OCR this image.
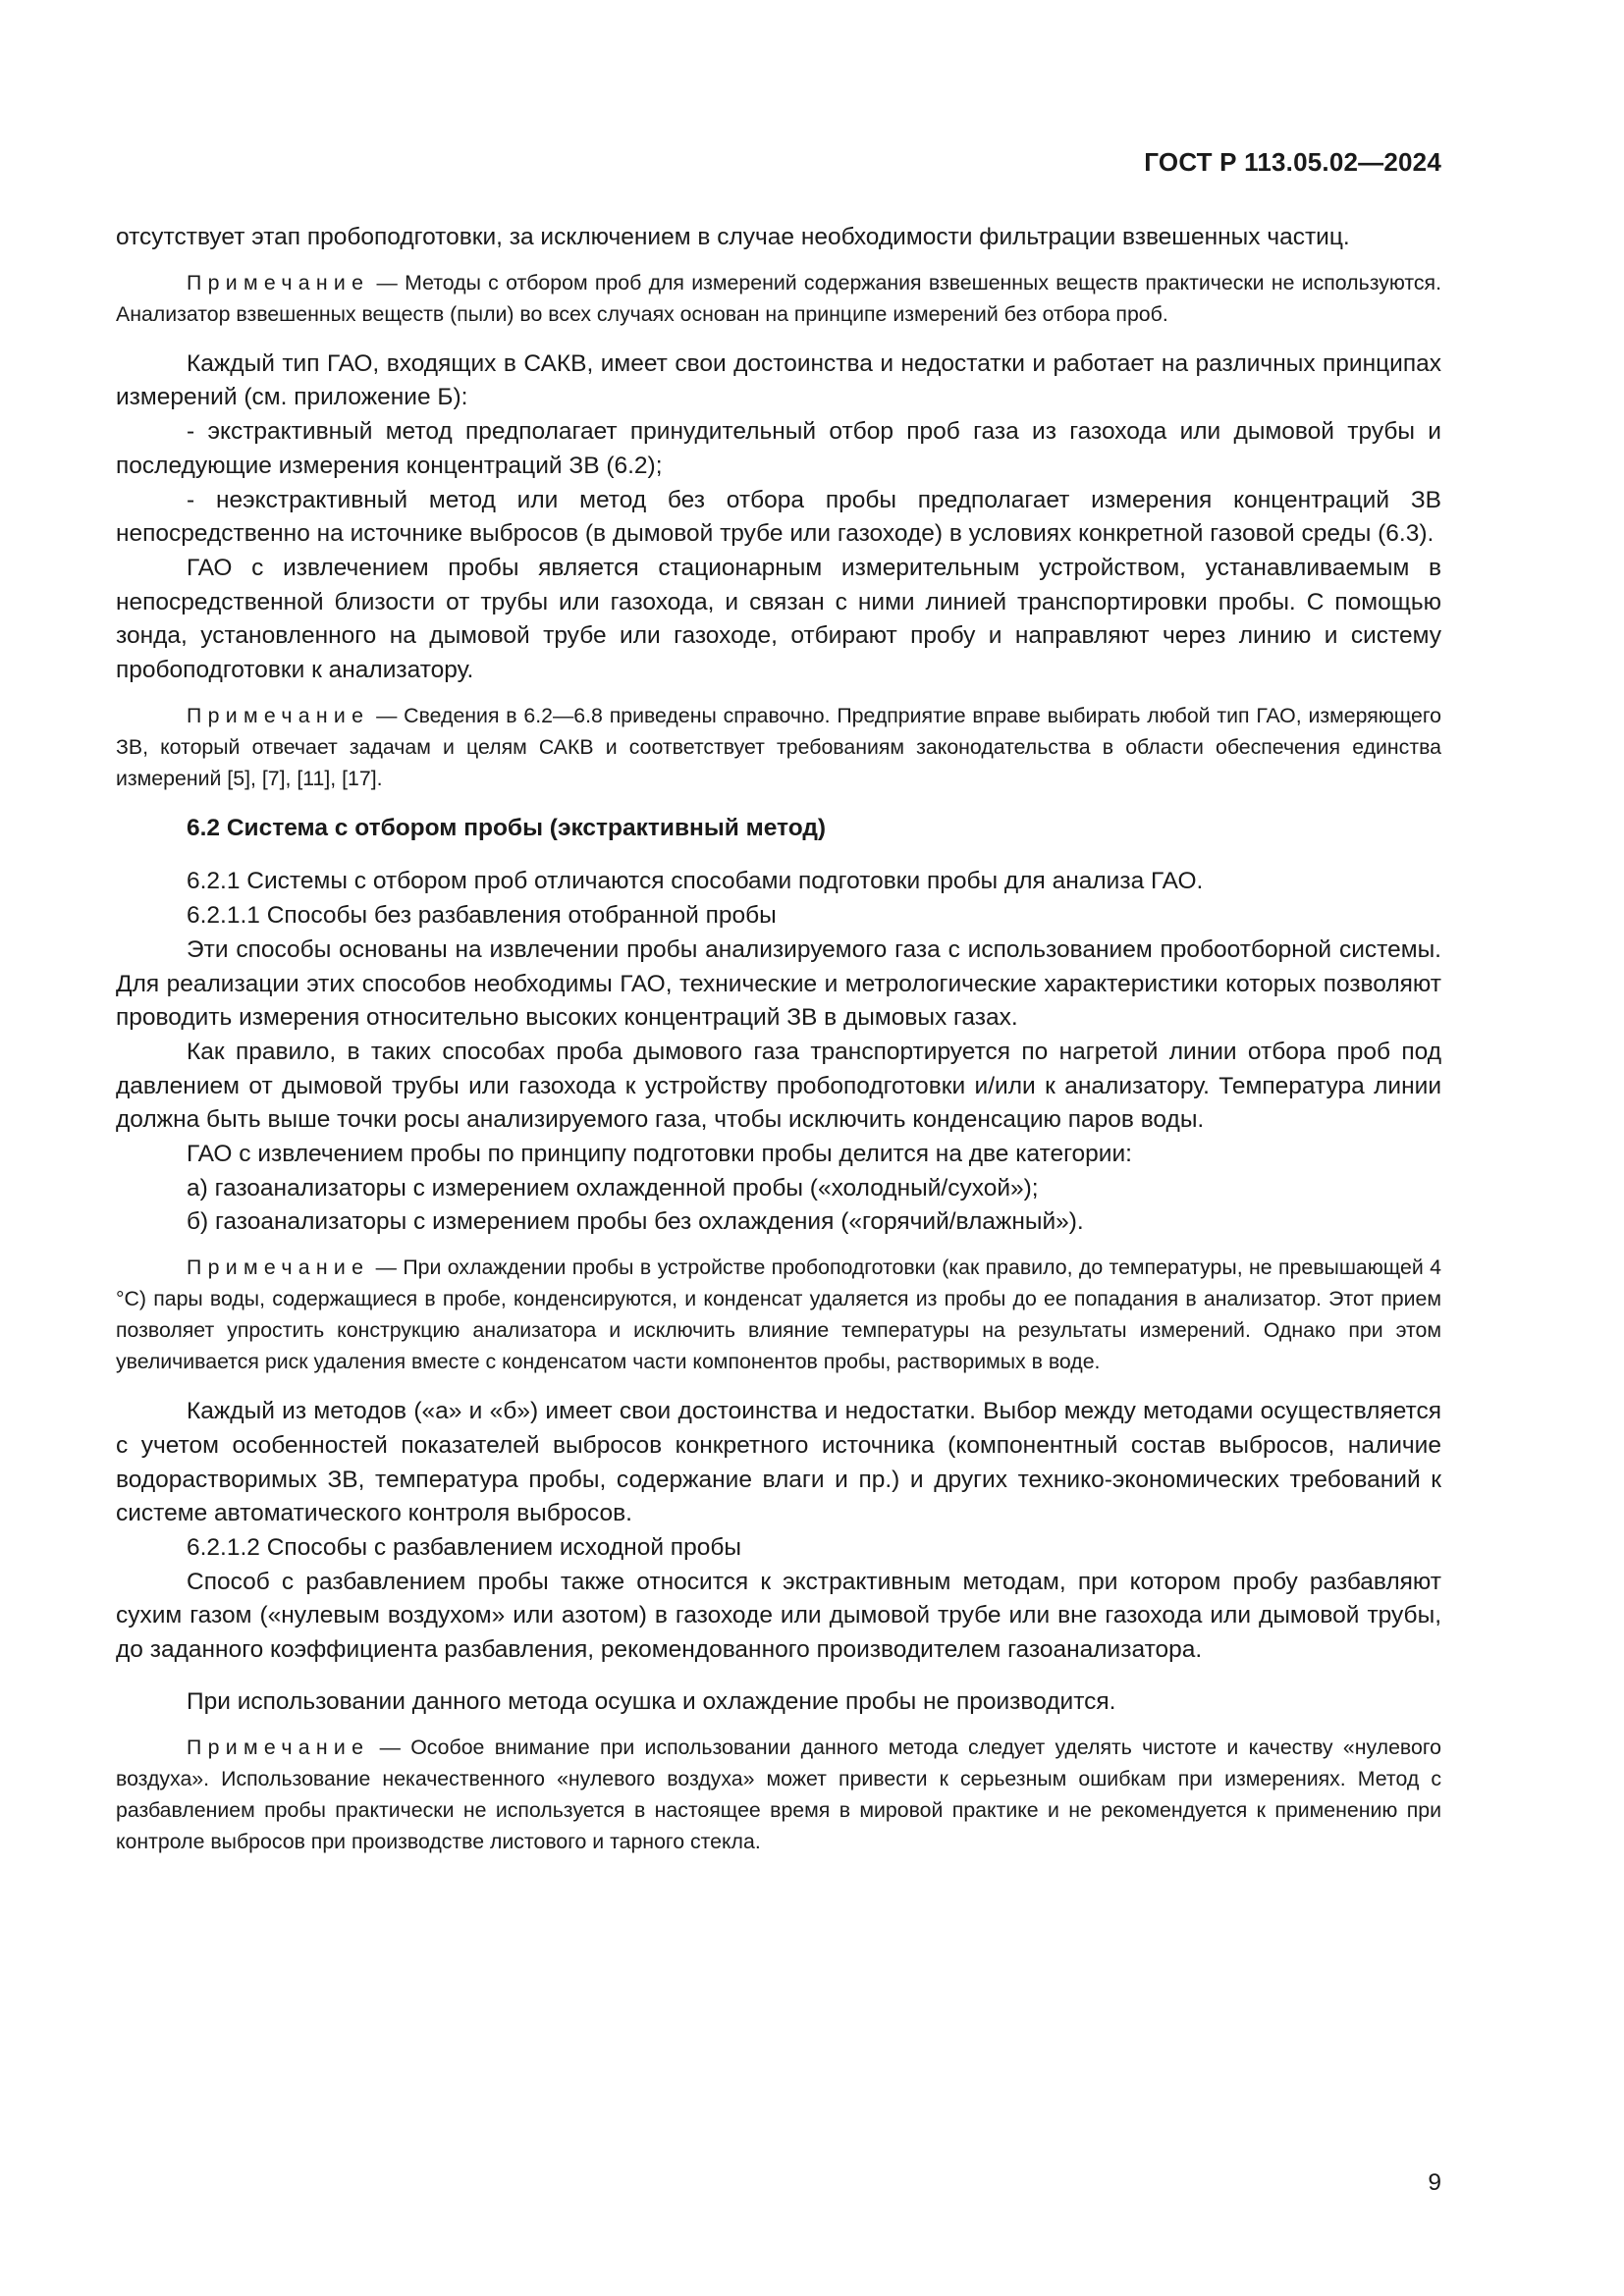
ГОСТ Р 113.05.02—2024

отсутствует этап пробоподготовки, за исключением в случае необходимости фильтрации взвешенных частиц.

Примечание — Методы с отбором проб для измерений содержания взвешенных веществ практически не используются. Анализатор взвешенных веществ (пыли) во всех случаях основан на принципе измерений без отбора проб.

Каждый тип ГАО, входящих в САКВ, имеет свои достоинства и недостатки и работает на различных принципах измерений (см. приложение Б):

- экстрактивный метод предполагает принудительный отбор проб газа из газохода или дымовой трубы и последующие измерения концентраций ЗВ (6.2);

- неэкстрактивный метод или метод без отбора пробы предполагает измерения концентраций ЗВ непосредственно на источнике выбросов (в дымовой трубе или газоходе) в условиях конкретной газовой среды (6.3).

ГАО с извлечением пробы является стационарным измерительным устройством, устанавливаемым в непосредственной близости от трубы или газохода, и связан с ними линией транспортировки пробы. С помощью зонда, установленного на дымовой трубе или газоходе, отбирают пробу и направляют через линию и систему пробоподготовки к анализатору.

Примечание — Сведения в 6.2—6.8 приведены справочно. Предприятие вправе выбирать любой тип ГАО, измеряющего ЗВ, который отвечает задачам и целям САКВ и соответствует требованиям законодательства в области обеспечения единства измерений [5], [7], [11], [17].

6.2 Система с отбором пробы (экстрактивный метод)

6.2.1 Системы с отбором проб отличаются способами подготовки пробы для анализа ГАО.

6.2.1.1 Способы без разбавления отобранной пробы

Эти способы основаны на извлечении пробы анализируемого газа с использованием пробоотборной системы. Для реализации этих способов необходимы ГАО, технические и метрологические характеристики которых позволяют проводить измерения относительно высоких концентраций ЗВ в дымовых газах.

Как правило, в таких способах проба дымового газа транспортируется по нагретой линии отбора проб под давлением от дымовой трубы или газохода к устройству пробоподготовки и/или к анализатору. Температура линии должна быть выше точки росы анализируемого газа, чтобы исключить конденсацию паров воды.

ГАО с извлечением пробы по принципу подготовки пробы делится на две категории:

а) газоанализаторы с измерением охлажденной пробы («холодный/сухой»);

б) газоанализаторы с измерением пробы без охлаждения («горячий/влажный»).

Примечание — При охлаждении пробы в устройстве пробоподготовки (как правило, до температуры, не превышающей 4 °C) пары воды, содержащиеся в пробе, конденсируются, и конденсат удаляется из пробы до ее попадания в анализатор. Этот прием позволяет упростить конструкцию анализатора и исключить влияние температуры на результаты измерений. Однако при этом увеличивается риск удаления вместе с конденсатом части компонентов пробы, растворимых в воде.

Каждый из методов («а» и «б») имеет свои достоинства и недостатки. Выбор между методами осуществляется с учетом особенностей показателей выбросов конкретного источника (компонентный состав выбросов, наличие водорастворимых ЗВ, температура пробы, содержание влаги и пр.) и других технико-экономических требований к системе автоматического контроля выбросов.

6.2.1.2 Способы с разбавлением исходной пробы

Способ с разбавлением пробы также относится к экстрактивным методам, при котором пробу разбавляют сухим газом («нулевым воздухом» или азотом) в газоходе или дымовой трубе или вне газохода или дымовой трубы, до заданного коэффициента разбавления, рекомендованного производителем газоанализатора.

При использовании данного метода осушка и охлаждение пробы не производится.

Примечание — Особое внимание при использовании данного метода следует уделять чистоте и качеству «нулевого воздуха». Использование некачественного «нулевого воздуха» может привести к серьезным ошибкам при измерениях. Метод с разбавлением пробы практически не используется в настоящее время в мировой практике и не рекомендуется к применению при контроле выбросов при производстве листового и тарного стекла.

9
